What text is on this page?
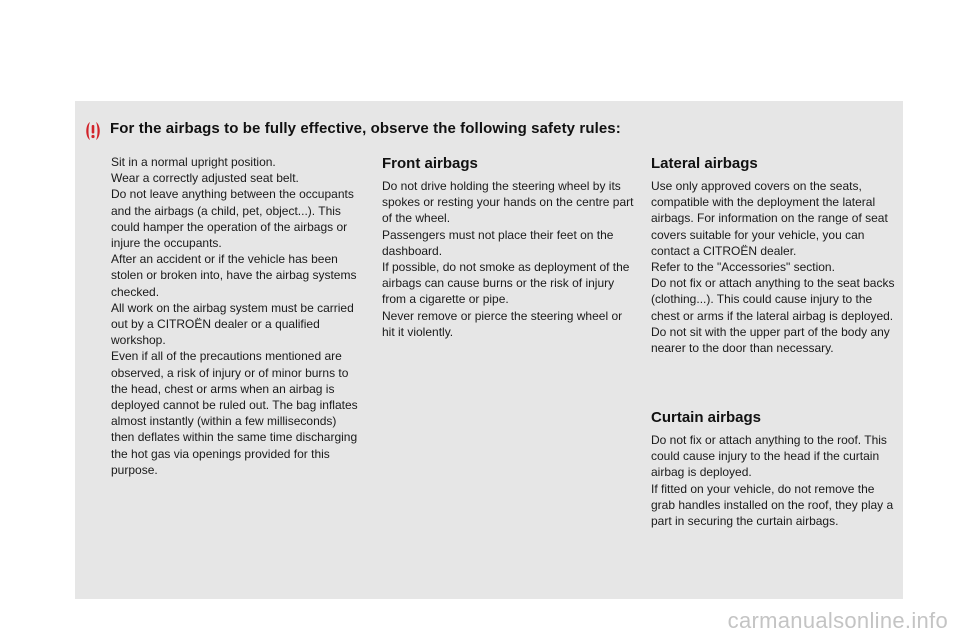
For the airbags to be fully effective, observe the following safety rules:

Sit in a normal upright position.

Wear a correctly adjusted seat belt.

Do not leave anything between the occupants and the airbags (a child, pet, object...). This could hamper the operation of the airbags or injure the occupants.

After an accident or if the vehicle has been stolen or broken into, have the airbag systems checked.

All work on the airbag system must be carried out by a CITROËN dealer or a qualified workshop.

Even if all of the precautions mentioned are observed, a risk of injury or of minor burns to the head, chest or arms when an airbag is deployed cannot be ruled out. The bag inflates almost instantly (within a few milliseconds) then deflates within the same time discharging the hot gas via openings provided for this purpose.

Front airbags

Do not drive holding the steering wheel by its spokes or resting your hands on the centre part of the wheel.

Passengers must not place their feet on the dashboard.

If possible, do not smoke as deployment of the airbags can cause burns or the risk of injury from a cigarette or pipe.

Never remove or pierce the steering wheel or hit it violently.

Lateral airbags

Use only approved covers on the seats, compatible with the deployment the lateral airbags. For information on the range of seat covers suitable for your vehicle, you can contact a CITROËN dealer.

Refer to the "Accessories" section.

Do not fix or attach anything to the seat backs (clothing...). This could cause injury to the chest or arms if the lateral airbag is deployed.

Do not sit with the upper part of the body any nearer to the door than necessary.

Curtain airbags

Do not fix or attach anything to the roof. This could cause injury to the head if the curtain airbag is deployed.

If fitted on your vehicle, do not remove the grab handles installed on the roof, they play a part in securing the curtain airbags.

carmanualsonline.info
